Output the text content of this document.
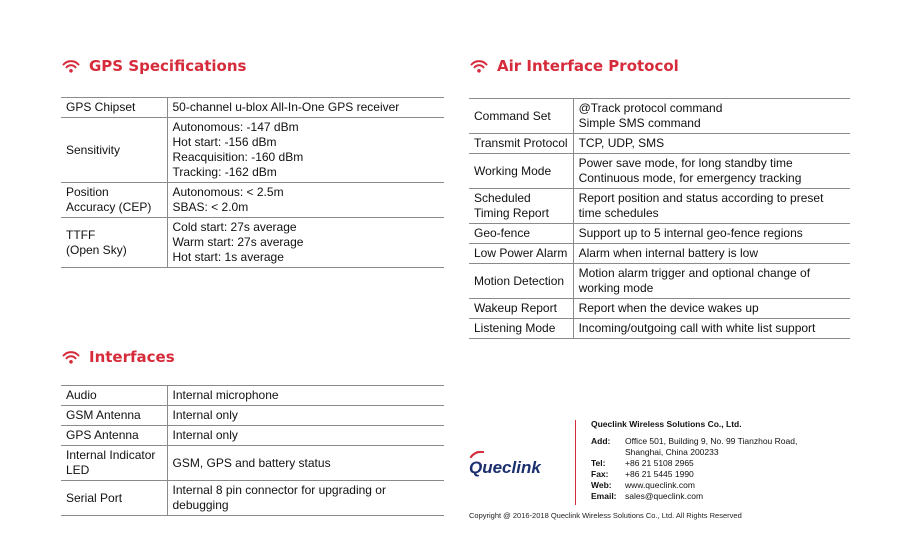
GPS Specifications
GPS Chipset	50-channel u-blox All-In-One GPS receiver

Sensitivity	Autonomous: -147 dBm
Hot start: -156 dBm
Reacquisition: -160 dBm
Tracking: -162 dBm

Position
Accuracy (CEP)	Autonomous: < 2.5m
SBAS: < 2.0m

TTFF
(Open Sky)	Cold start: 27s average
Warm start: 27s average
Hot start: 1s average
Interfaces
Audio	Internal microphone

GSM Antenna	Internal only

GPS Antenna	Internal only

Internal Indicator
LED	GSM, GPS and battery status

Serial Port	Internal 8 pin connector for upgrading or
debugging
Air Interface Protocol
Command Set	@Track protocol command
Simple SMS command

Transmit Protocol	TCP, UDP, SMS

Working Mode	Power save mode, for long standby time
Continuous mode, for emergency tracking

Scheduled
Timing Report	Report position and status according to preset
time schedules

Geo-fence	Support up to 5 internal geo-fence regions

Low Power Alarm	Alarm when internal battery is low

Motion Detection	Motion alarm trigger and optional change of
working mode

Wakeup Report	Report when the device wakes up

Listening Mode	Incoming/outgoing call with white list support
Queclink
Queclink Wireless Solutions Co., Ltd.
Add:	Office 501, Building 9, No. 99 Tianzhou Road,
Shanghai, China 200233

Tel:	+86 21 5108 2965

Fax:	+86 21 5445 1990

Web:	www.queclink.com

Email:	sales@queclink.com
Copyright @ 2016-2018 Queclink Wireless Solutions Co., Ltd. All Rights Reserved
